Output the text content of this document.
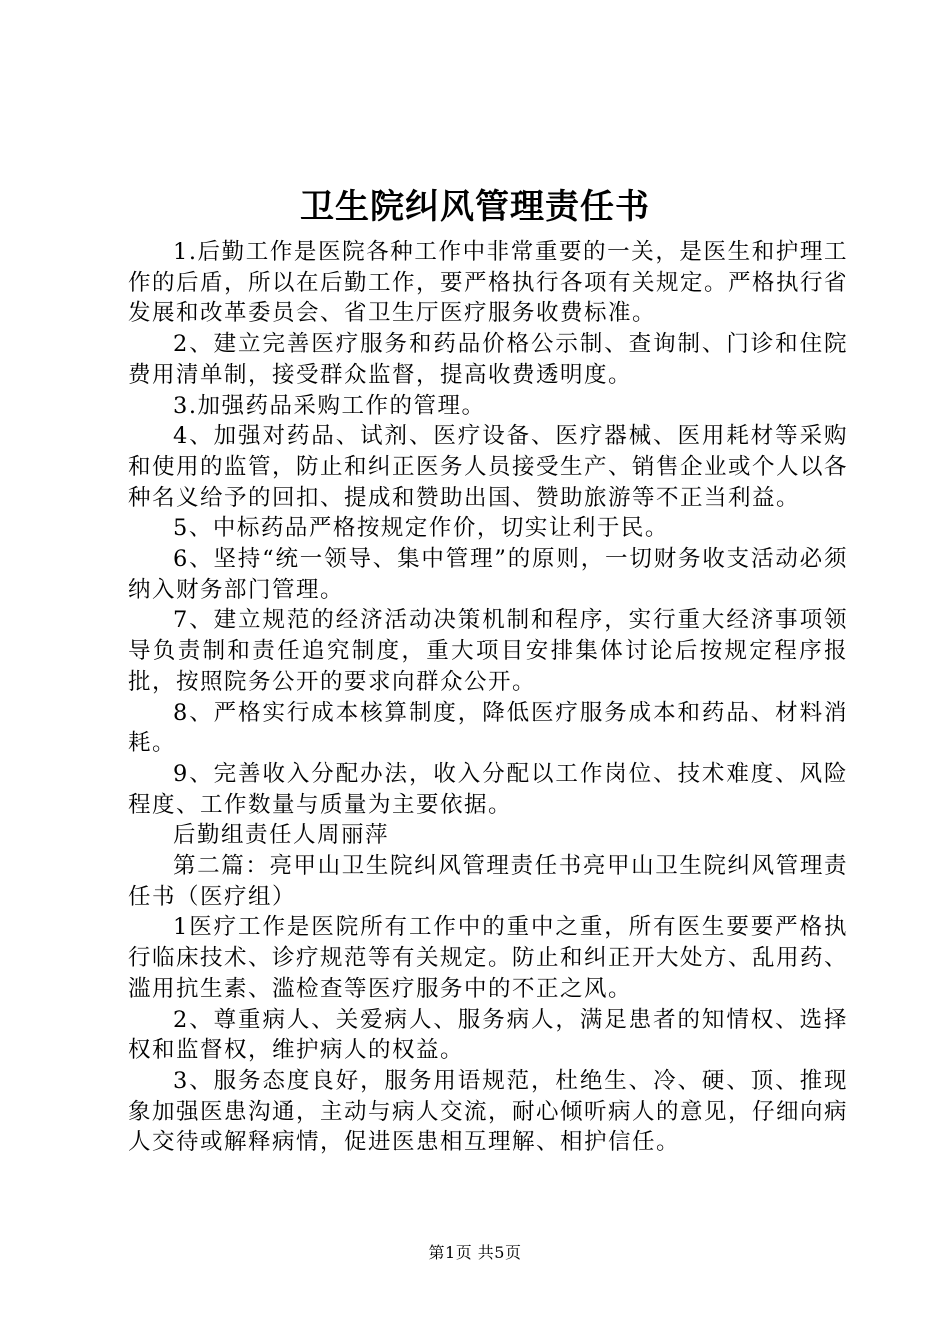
卫生院纠风管理责任书

1.后勤工作是医院各种工作中非常重要的一关，是医生和护理工作的后盾，所以在后勤工作，要严格执行各项有关规定。严格执行省发展和改革委员会、省卫生厅医疗服务收费标准。

2、建立完善医疗服务和药品价格公示制、查询制、门诊和住院费用清单制，接受群众监督，提高收费透明度。

3.加强药品采购工作的管理。

4、加强对药品、试剂、医疗设备、医疗器械、医用耗材等采购和使用的监管，防止和纠正医务人员接受生产、销售企业或个人以各种名义给予的回扣、提成和赞助出国、赞助旅游等不正当利益。

5、中标药品严格按规定作价，切实让利于民。

6、坚持“统一领导、集中管理”的原则，一切财务收支活动必须纳入财务部门管理。

7、建立规范的经济活动决策机制和程序，实行重大经济事项领导负责制和责任追究制度，重大项目安排集体讨论后按规定程序报批，按照院务公开的要求向群众公开。

8、严格实行成本核算制度，降低医疗服务成本和药品、材料消耗。

9、完善收入分配办法，收入分配以工作岗位、技术难度、风险程度、工作数量与质量为主要依据。

后勤组责任人周丽萍

第二篇：亮甲山卫生院纠风管理责任书亮甲山卫生院纠风管理责任书（医疗组）

1医疗工作是医院所有工作中的重中之重，所有医生要要严格执行临床技术、诊疗规范等有关规定。防止和纠正开大处方、乱用药、滥用抗生素、滥检查等医疗服务中的不正之风。

2、尊重病人、关爱病人、服务病人，满足患者的知情权、选择权和监督权，维护病人的权益。

3、服务态度良好，服务用语规范，杜绝生、冷、硬、顶、推现象加强医患沟通，主动与病人交流，耐心倾听病人的意见，仔细向病人交待或解释病情，促进医患相互理解、相护信任。

第1页 共5页
